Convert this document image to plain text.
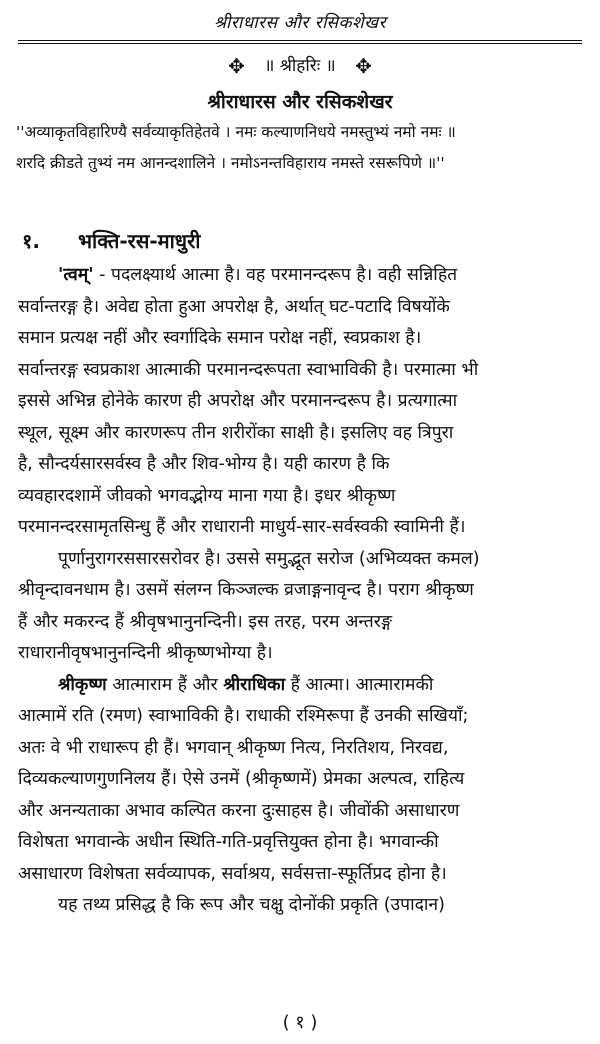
श्रीराधारस और रसिकशेखर
✥ ॥ श्रीहरिः ॥ ✥
श्रीराधारस और रसिकशेखर
''अव्याकृतविहारिण्यै सर्वव्याकृतिहेतवे । नमः कल्याणनिधये नमस्तुभ्यं नमो नमः ॥
शरदि क्रीडते तुभ्यं नम आनन्दशालिने । नमोऽनन्तविहाराय नमस्ते रसरूपिणे ॥''
१. भक्ति-रस-माधुरी
'त्वम्' - पदलक्ष्यार्थ आत्मा है। वह परमानन्दरूप है। वही सन्निहित
सर्वान्तरङ्ग है। अवेद्य होता हुआ अपरोक्ष है, अर्थात् घट-पटादि विषयोंके
समान प्रत्यक्ष नहीं और स्वर्गादिके समान परोक्ष नहीं, स्वप्रकाश है।
सर्वान्तरङ्ग स्वप्रकाश आत्माकी परमानन्दरूपता स्वाभाविकी है। परमात्मा भी
इससे अभिन्न होनेके कारण ही अपरोक्ष और परमानन्दरूप है। प्रत्यगात्मा
स्थूल, सूक्ष्म और कारणरूप तीन शरीरोंका साक्षी है। इसलिए वह त्रिपुरा
है, सौन्दर्यसारसर्वस्व है और शिव-भोग्य है। यही कारण है कि
व्यवहारदशामें जीवको भगवद्भोग्य माना गया है। इधर श्रीकृष्ण
परमानन्दरसामृतसिन्धु हैं और राधारानी माधुर्य-सार-सर्वस्वकी स्वामिनी हैं।
पूर्णानुरागरससारसरोवर है। उससे समुद्भूत सरोज (अभिव्यक्त कमल)
श्रीवृन्दावनधाम है। उसमें संलग्न किञ्जल्क व्रजाङ्गनावृन्द है। पराग श्रीकृष्ण
हैं और मकरन्द हैं श्रीवृषभानुनन्दिनी। इस तरह, परम अन्तरङ्ग
राधारानीवृषभानुनन्दिनी श्रीकृष्णभोग्या है।
श्रीकृष्ण आत्माराम हैं और श्रीराधिका हैं आत्मा। आत्मारामकी
आत्मामें रति (रमण) स्वाभाविकी है। राधाकी रश्मिरूपा हैं उनकी सखियाँ;
अतः वे भी राधारूप ही हैं। भगवान् श्रीकृष्ण नित्य, निरतिशय, निरवद्य,
दिव्यकल्याणगुणनिलय हैं। ऐसे उनमें (श्रीकृष्णमें) प्रेमका अल्पत्व, राहित्य
और अनन्यताका अभाव कल्पित करना दुःसाहस है। जीवोंकी असाधारण
विशेषता भगवान्के अधीन स्थिति-गति-प्रवृत्तियुक्त होना है। भगवान्की
असाधारण विशेषता सर्वव्यापक, सर्वाश्रय, सर्वसत्ता-स्फूर्तिप्रद होना है।
यह तथ्य प्रसिद्ध है कि रूप और चक्षु दोनोंकी प्रकृति (उपादान)
( १ )
